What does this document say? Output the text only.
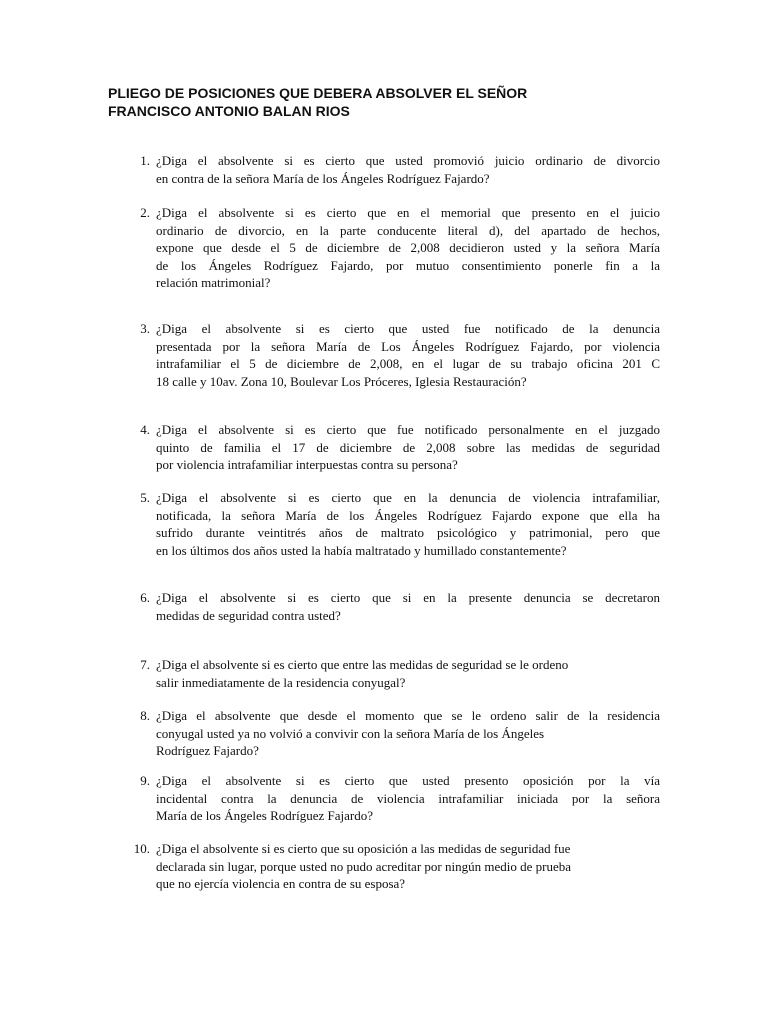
PLIEGO DE POSICIONES QUE DEBERA ABSOLVER EL SEÑOR
FRANCISCO ANTONIO BALAN RIOS
1. ¿Diga el absolvente si es cierto que usted promovió juicio ordinario de divorcio
en contra de la señora María de los Ángeles Rodríguez Fajardo?
2. ¿Diga el absolvente si es cierto que en el memorial que presento en el juicio
ordinario de divorcio, en la parte conducente literal d), del apartado de hechos,
expone que desde el 5 de diciembre de 2,008 decidieron usted y la señora María
de los Ángeles Rodríguez Fajardo, por mutuo consentimiento ponerle fin a la
relación matrimonial?
3. ¿Diga el absolvente si es cierto que usted fue notificado de la denuncia
presentada por la señora María de Los Ángeles Rodríguez Fajardo, por violencia
intrafamiliar el 5 de diciembre de 2,008, en el lugar de su trabajo oficina 201 C
18 calle y 10av. Zona 10, Boulevar Los Próceres, Iglesia Restauración?
4. ¿Diga el absolvente si es cierto que fue notificado personalmente en el juzgado
quinto de familia el 17 de diciembre de 2,008 sobre las medidas de seguridad
por violencia intrafamiliar interpuestas contra su persona?
5. ¿Diga el absolvente si es cierto que en la denuncia de violencia intrafamiliar,
notificada, la señora María de los Ángeles Rodríguez Fajardo expone que ella ha
sufrido durante veintitrés años de maltrato psicológico y patrimonial, pero que
en los últimos dos años usted la había maltratado y humillado constantemente?
6. ¿Diga el absolvente si es cierto que si en la presente denuncia se decretaron
medidas de seguridad contra usted?
7. ¿Diga el absolvente si es cierto que entre las medidas de seguridad se le ordeno
salir inmediatamente de la residencia conyugal?
8. ¿Diga el absolvente que desde el momento que se le ordeno salir de la residencia
conyugal usted ya no volvió a convivir con la señora María de los Ángeles
Rodríguez Fajardo?
9. ¿Diga el absolvente si es cierto que usted presento oposición por la vía
incidental contra la denuncia de violencia intrafamiliar iniciada por la señora
María de los Ángeles Rodríguez Fajardo?
10. ¿Diga el absolvente si es cierto que su oposición a las medidas de seguridad fue
declarada sin lugar, porque usted no pudo acreditar por ningún medio de prueba
que no ejercía violencia en contra de su esposa?
